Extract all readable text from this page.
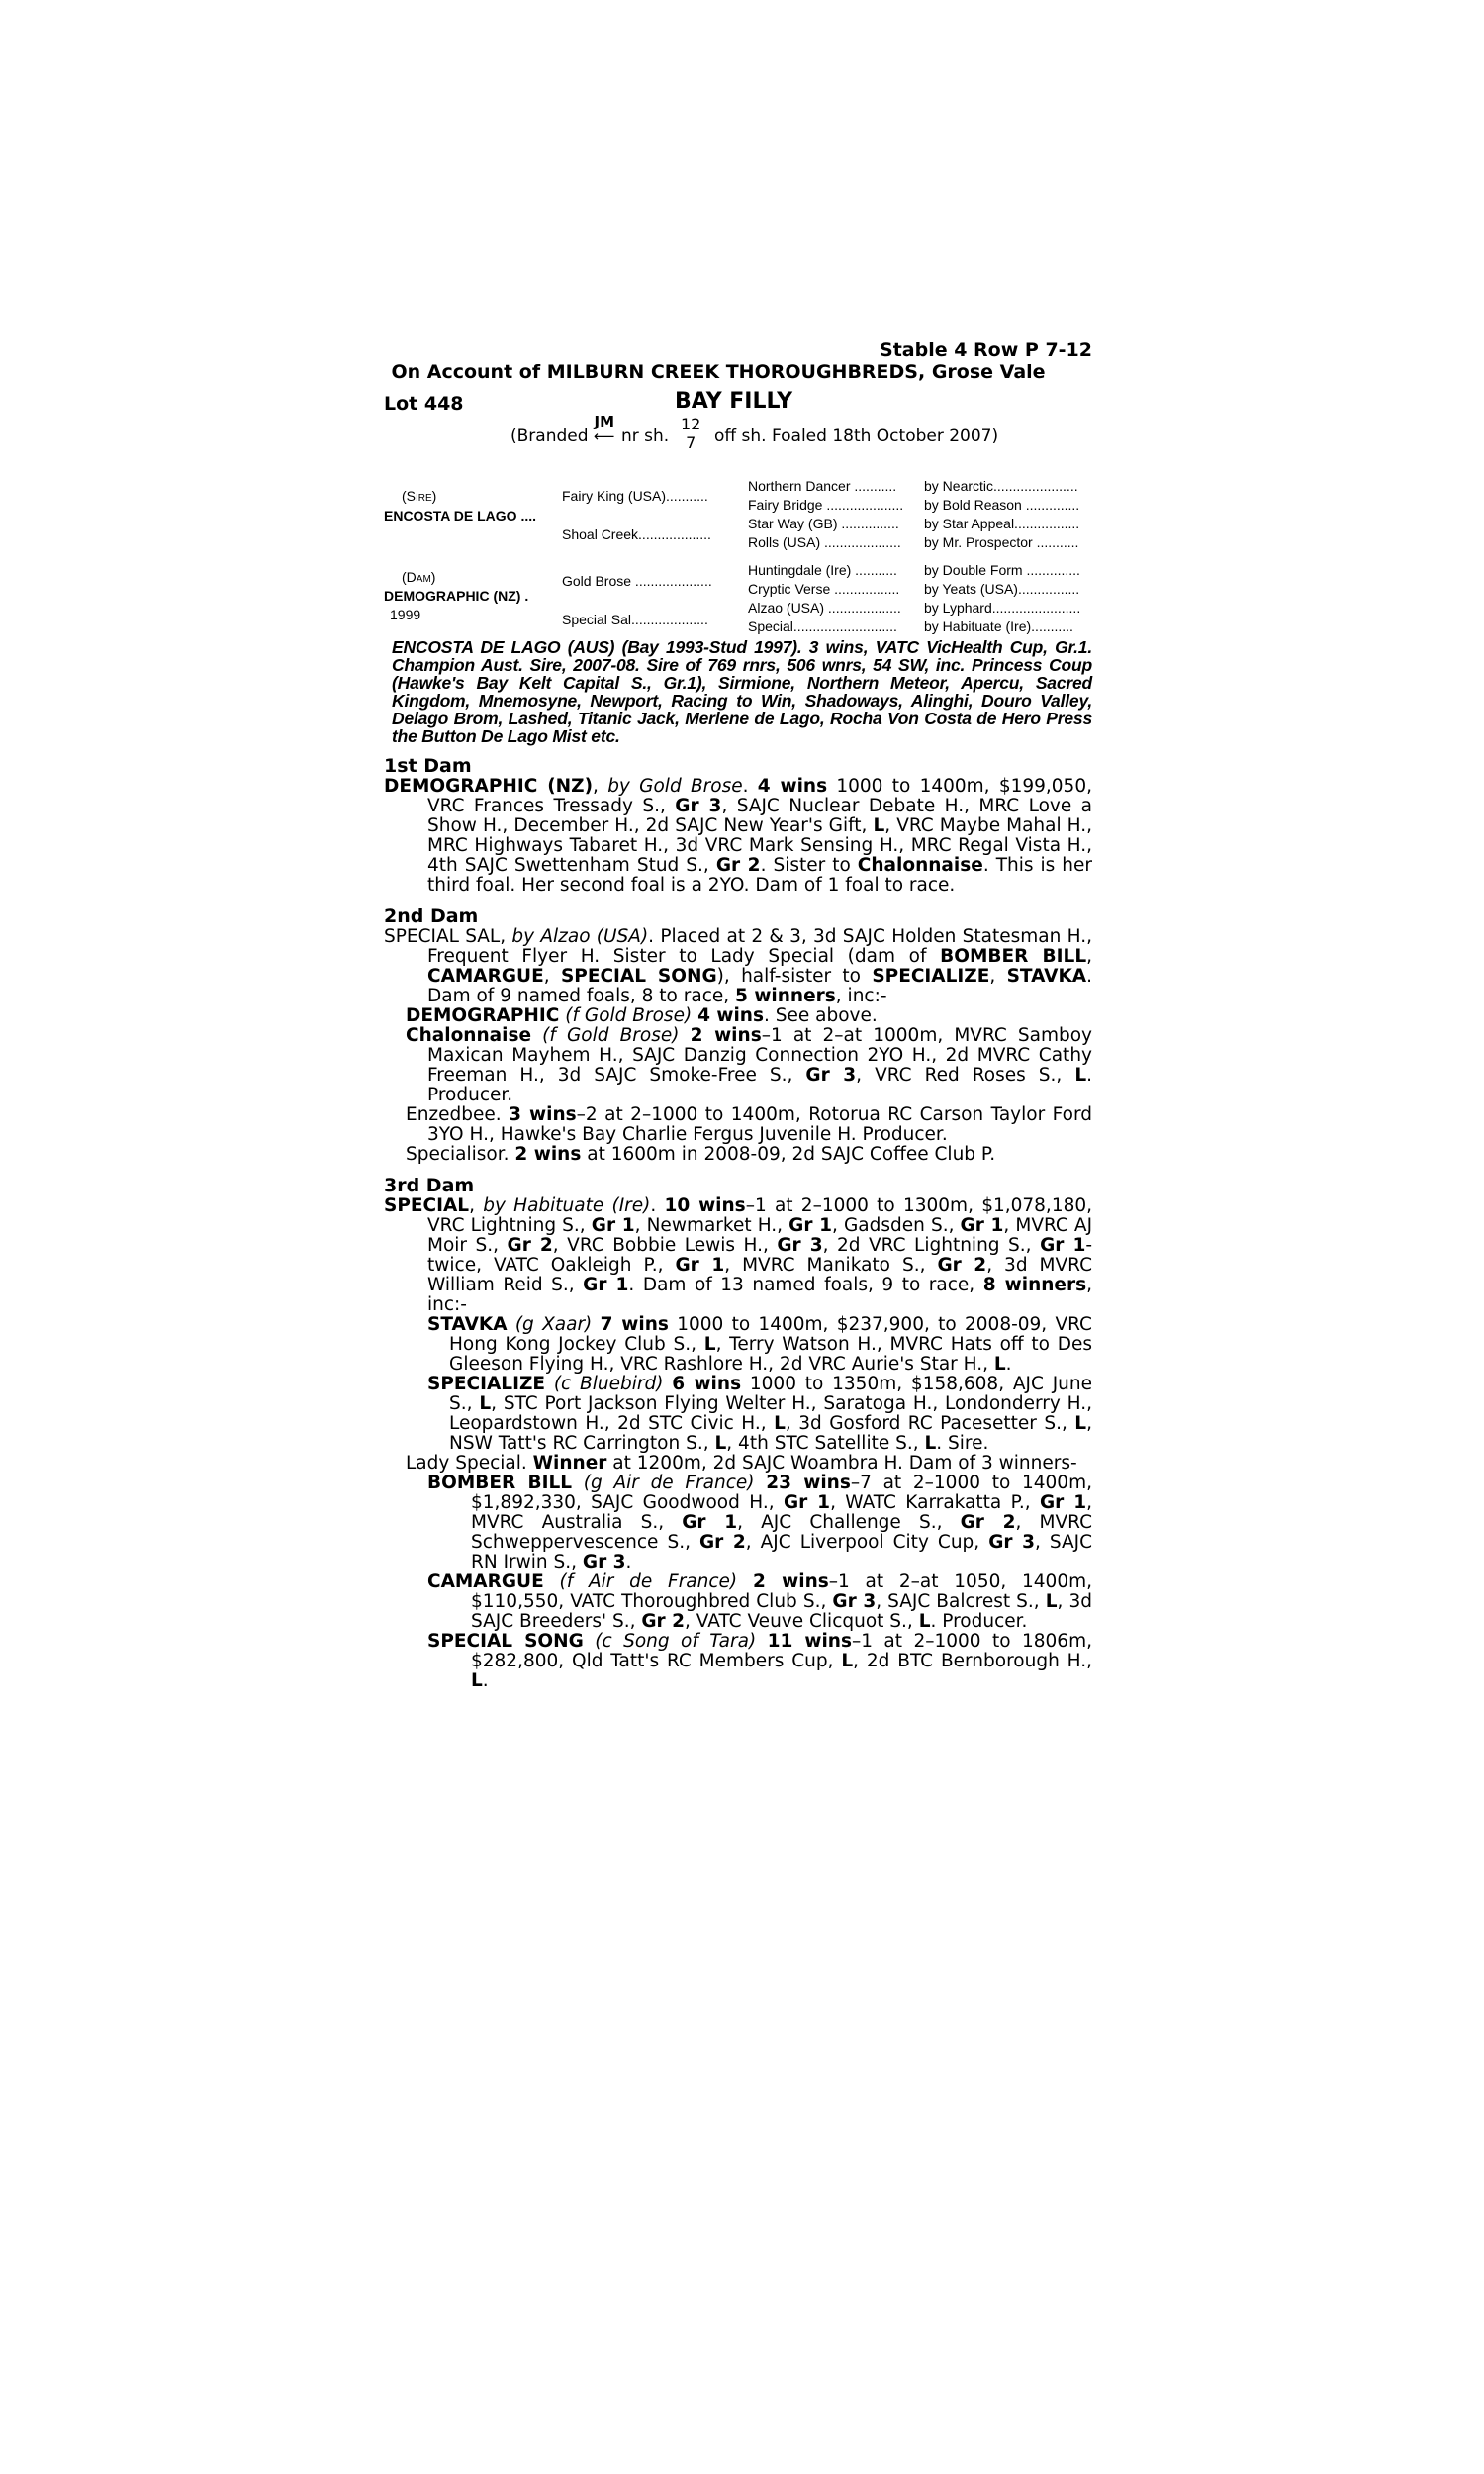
Stable 4 Row P 7-12
On Account of MILBURN CREEK THOROUGHBREDS, Grose Vale
Lot 448	BAY FILLY
(Branded
JM
⟵ nr sh.
12
7 off sh. Foaled 18th October 2007)
(Sire)
ENCOSTA DE LAGO ....
(Dam)
DEMOGRAPHIC (NZ) .
1999
Fairy King (USA)...........
Shoal Creek...................
Gold Brose ....................
Special Sal....................
Northern Dancer ...........
Fairy Bridge ....................
Star Way (GB) ...............
Rolls (USA) ....................
Huntingdale (Ire) ...........
Cryptic Verse .................
Alzao (USA) ...................
Special...........................
by Nearctic......................
by Bold Reason ..............
by Star Appeal.................
by Mr. Prospector ...........
by Double Form ..............
by Yeats (USA)................
by Lyphard.......................
by Habituate (Ire)...........
ENCOSTA DE LAGO (AUS) (Bay 1993-Stud 1997). 3 wins, VATC VicHealth Cup, Gr.1. Champion Aust. Sire, 2007-08. Sire of 769 rnrs, 506 wnrs, 54 SW, inc. Princess Coup (Hawke's Bay Kelt Capital S., Gr.1), Sirmione, Northern Meteor, Apercu, Sacred Kingdom, Mnemosyne, Newport, Racing to Win, Shadoways, Alinghi, Douro Valley, Delago Brom, Lashed, Titanic Jack, Merlene de Lago, Rocha Von Costa de Hero Press the Button De Lago Mist etc.
1st Dam
DEMOGRAPHIC (NZ), by Gold Brose. 4 wins 1000 to 1400m, $199,050, VRC Frances Tressady S., Gr 3, SAJC Nuclear Debate H., MRC Love a Show H., December H., 2d SAJC New Year's Gift, L, VRC Maybe Mahal H., MRC Highways Tabaret H., 3d VRC Mark Sensing H., MRC Regal Vista H., 4th SAJC Swettenham Stud S., Gr 2. Sister to Chalonnaise. This is her third foal. Her second foal is a 2YO. Dam of 1 foal to race.
2nd Dam
SPECIAL SAL, by Alzao (USA). Placed at 2 & 3, 3d SAJC Holden Statesman H., Frequent Flyer H. Sister to Lady Special (dam of BOMBER BILL, CAMARGUE, SPECIAL SONG), half-sister to SPECIALIZE, STAVKA. Dam of 9 named foals, 8 to race, 5 winners, inc:-
DEMOGRAPHIC (f Gold Brose) 4 wins. See above.
Chalonnaise (f Gold Brose) 2 wins–1 at 2–at 1000m, MVRC Samboy Maxican Mayhem H., SAJC Danzig Connection 2YO H., 2d MVRC Cathy Freeman H., 3d SAJC Smoke-Free S., Gr 3, VRC Red Roses S., L. Producer.
Enzedbee. 3 wins–2 at 2–1000 to 1400m, Rotorua RC Carson Taylor Ford 3YO H., Hawke's Bay Charlie Fergus Juvenile H. Producer.
Specialisor. 2 wins at 1600m in 2008-09, 2d SAJC Coffee Club P.
3rd Dam
SPECIAL, by Habituate (Ire). 10 wins–1 at 2–1000 to 1300m, $1,078,180, VRC Lightning S., Gr 1, Newmarket H., Gr 1, Gadsden S., Gr 1, MVRC AJ Moir S., Gr 2, VRC Bobbie Lewis H., Gr 3, 2d VRC Lightning S., Gr 1-twice, VATC Oakleigh P., Gr 1, MVRC Manikato S., Gr 2, 3d MVRC William Reid S., Gr 1. Dam of 13 named foals, 9 to race, 8 winners, inc:-
STAVKA (g Xaar) 7 wins 1000 to 1400m, $237,900, to 2008-09, VRC Hong Kong Jockey Club S., L, Terry Watson H., MVRC Hats off to Des Gleeson Flying H., VRC Rashlore H., 2d VRC Aurie's Star H., L.
SPECIALIZE (c Bluebird) 6 wins 1000 to 1350m, $158,608, AJC June S., L, STC Port Jackson Flying Welter H., Saratoga H., Londonderry H., Leopardstown H., 2d STC Civic H., L, 3d Gosford RC Pacesetter S., L, NSW Tatt's RC Carrington S., L, 4th STC Satellite S., L. Sire.
Lady Special. Winner at 1200m, 2d SAJC Woambra H. Dam of 3 winners-
BOMBER BILL (g Air de France) 23 wins–7 at 2–1000 to 1400m, $1,892,330, SAJC Goodwood H., Gr 1, WATC Karrakatta P., Gr 1, MVRC Australia S., Gr 1, AJC Challenge S., Gr 2, MVRC Schweppervescence S., Gr 2, AJC Liverpool City Cup, Gr 3, SAJC RN Irwin S., Gr 3.
CAMARGUE (f Air de France) 2 wins–1 at 2–at 1050, 1400m, $110,550, VATC Thoroughbred Club S., Gr 3, SAJC Balcrest S., L, 3d SAJC Breeders' S., Gr 2, VATC Veuve Clicquot S., L. Producer.
SPECIAL SONG (c Song of Tara) 11 wins–1 at 2–1000 to 1806m, $282,800, Qld Tatt's RC Members Cup, L, 2d BTC Bernborough H., L.
